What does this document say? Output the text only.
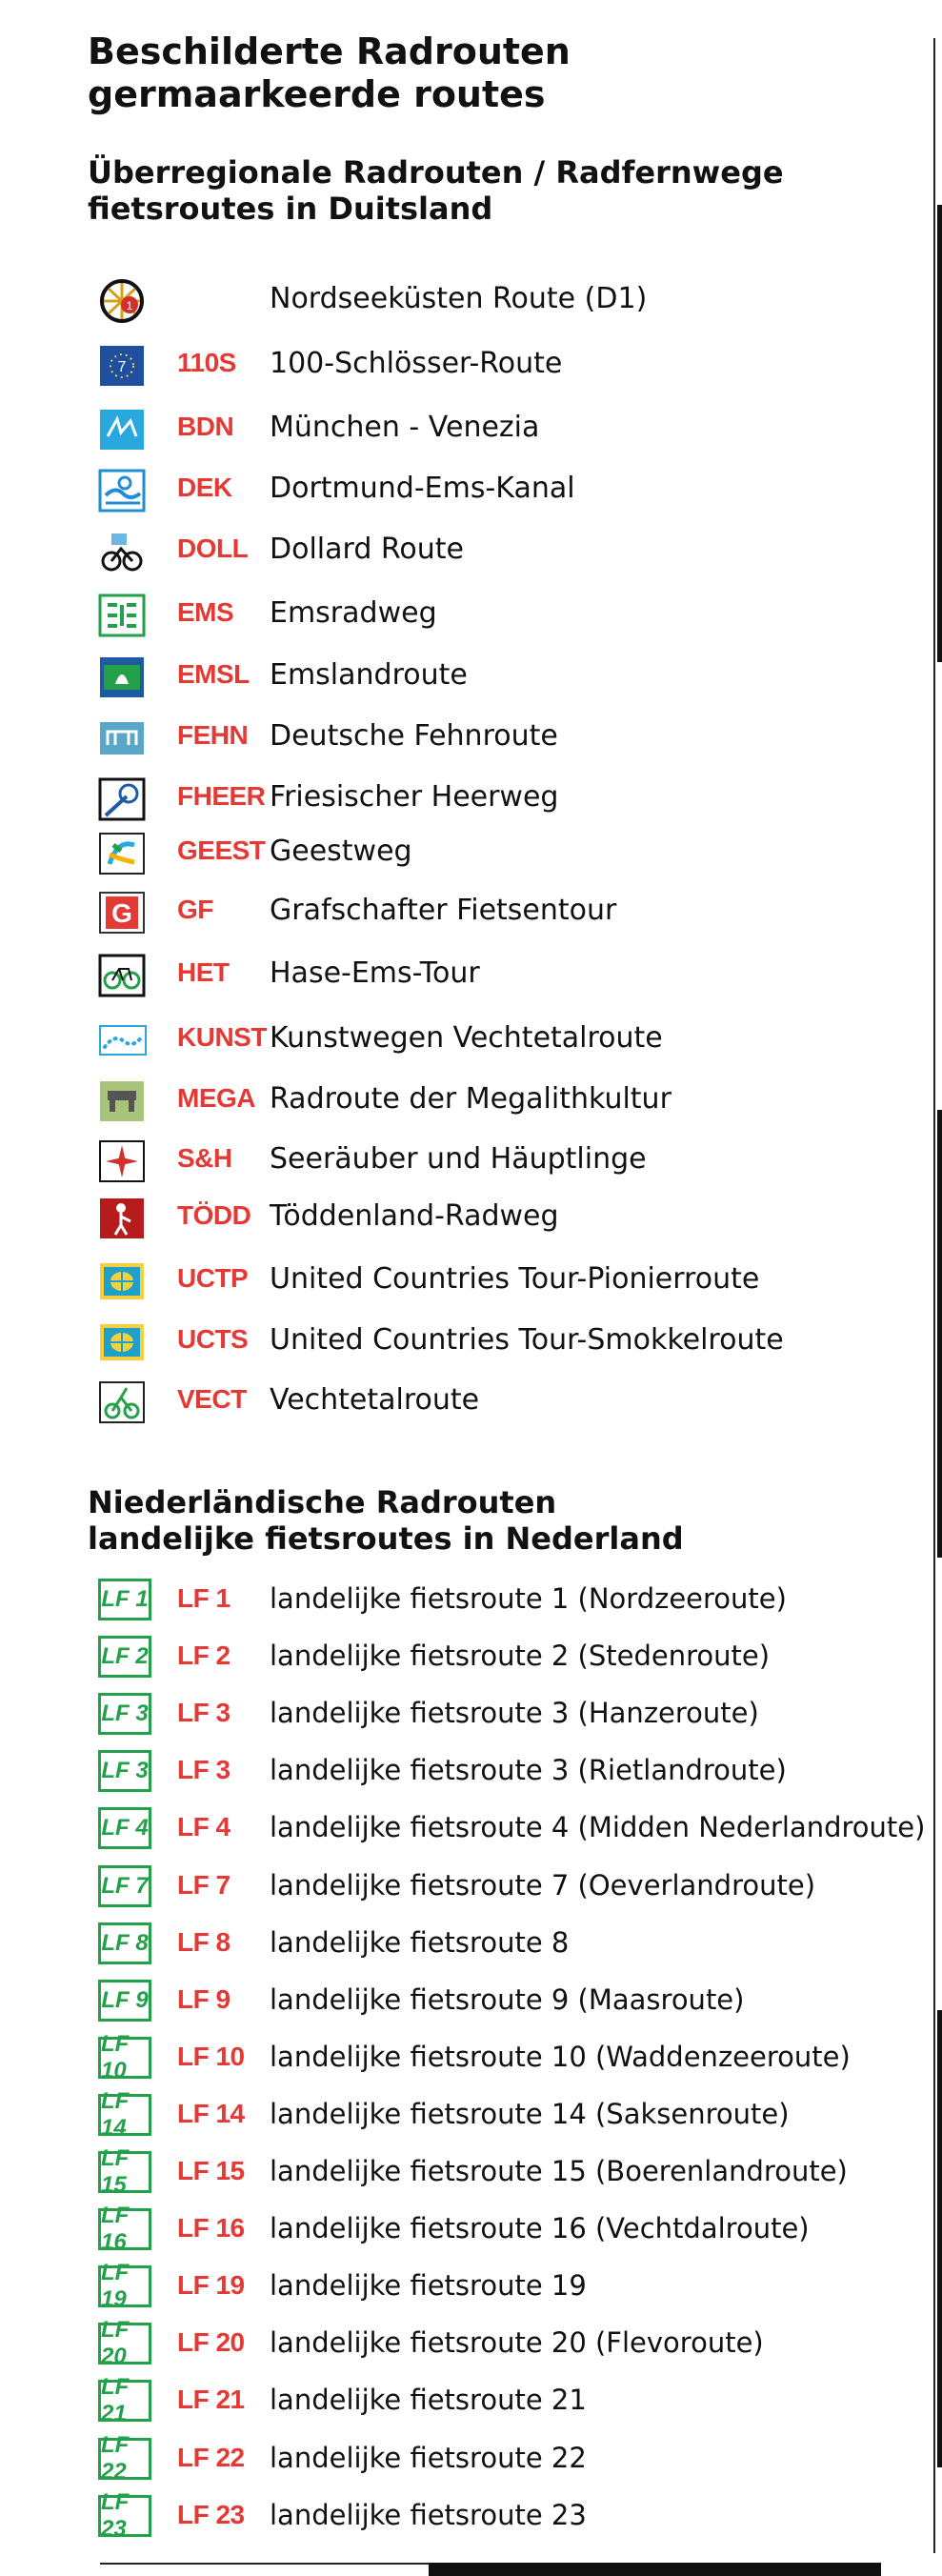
Beschilderte Radrouten
germaarkeerde routes
Überregionale Radrouten / Radfernwege
fietsroutes in Duitsland
1	Nordseeküsten Route (D1)
7 110S 100-Schlösser-Route
BDN München - Venezia
DEK Dortmund-Ems-Kanal
DOLL Dollard Route
EMS Emsradweg
EMSL Emslandroute
FEHN Deutsche Fehnroute
FHEER Friesischer Heerweg
GEEST Geestweg
G GF Grafschafter Fietsentour
HET Hase-Ems-Tour
KUNST Kunstwegen Vechtetalroute
MEGA Radroute der Megalithkultur
S&H Seeräuber und Häuptlinge
TÖDD Töddenland-Radweg
UCTP United Countries Tour-Pionierroute
UCTS United Countries Tour-Smokkelroute
VECT Vechtetalroute
Niederländische Radrouten
landelijke fietsroutes in Nederland
LF 1 LF 1 landelijke fietsroute 1 (Nordzeeroute)
LF 2 LF 2 landelijke fietsroute 2 (Stedenroute)
LF 3 LF 3 landelijke fietsroute 3 (Hanzeroute)
LF 3 LF 3 landelijke fietsroute 3 (Rietlandroute)
LF 4 LF 4 landelijke fietsroute 4 (Midden Nederlandroute)
LF 7 LF 7 landelijke fietsroute 7 (Oeverlandroute)
LF 8 LF 8 landelijke fietsroute 8
LF 9 LF 9 landelijke fietsroute 9 (Maasroute)
LF 10	LF 10 landelijke fietsroute 10 (Waddenzeeroute)
LF 14	LF 14 landelijke fietsroute 14 (Saksenroute)
LF 15	LF 15 landelijke fietsroute 15 (Boerenlandroute)
LF 16	LF 16 landelijke fietsroute 16 (Vechtdalroute)
LF 19	LF 19 landelijke fietsroute 19
LF 20	LF 20 landelijke fietsroute 20 (Flevoroute)
LF 21	LF 21 landelijke fietsroute 21
LF 22	LF 22 landelijke fietsroute 22
LF 23	LF 23 landelijke fietsroute 23
